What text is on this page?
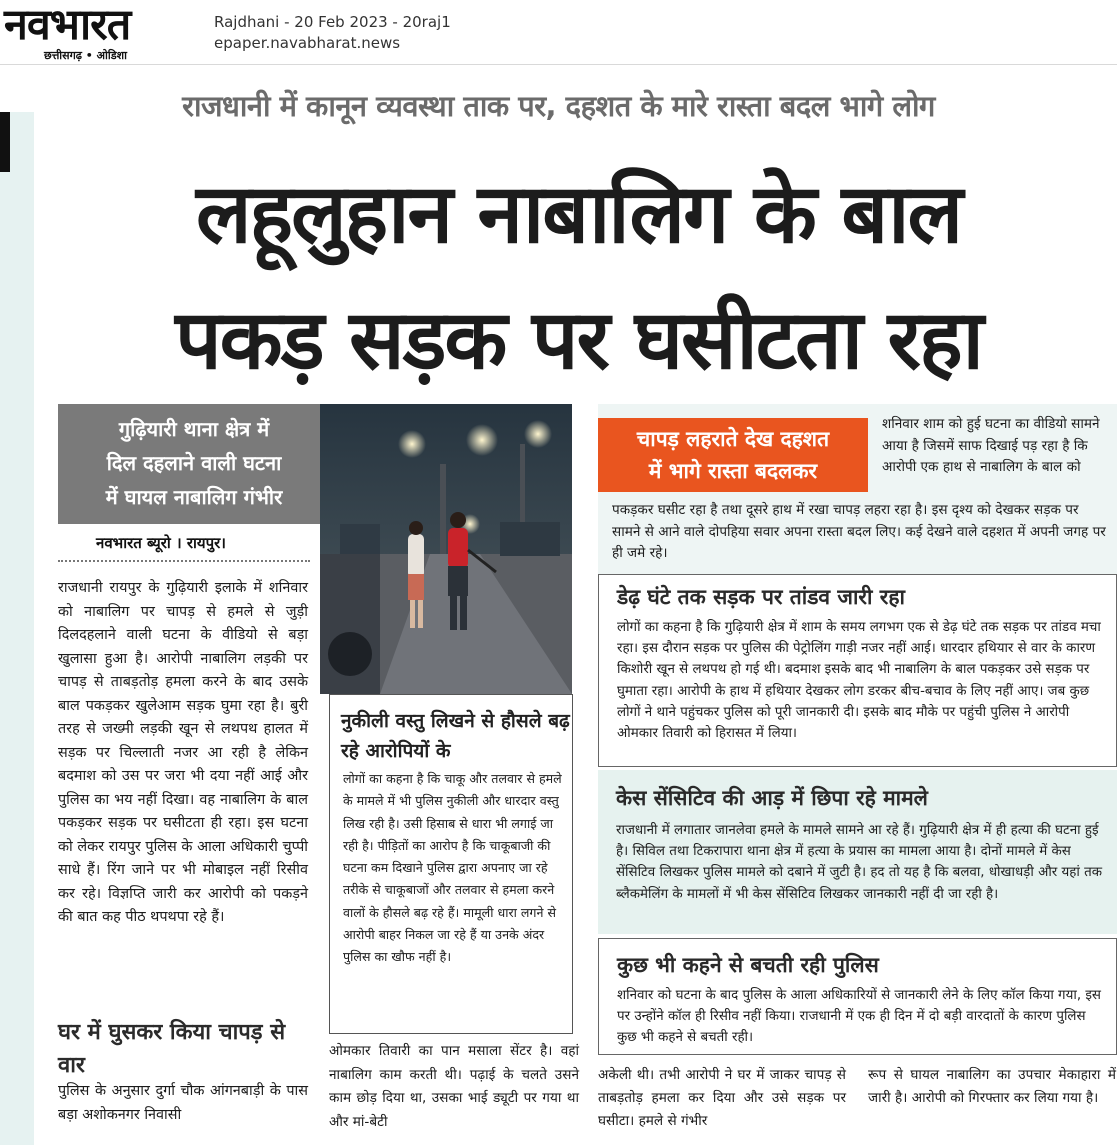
नवभारत
छत्तीसगढ़ • ओडिशा
Rajdhani - 20 Feb 2023 - 20raj1
epaper.navabharat.news
राजधानी में कानून व्यवस्था ताक पर, दहशत के मारे रास्ता बदल भागे लोग
लहूलुहान नाबालिग के बाल
पकड़ सड़क पर घसीटता रहा
गुढ़ियारी थाना क्षेत्र में
दिल दहलाने वाली घटना
में घायल नाबालिग गंभीर
नवभारत ब्यूरो । रायपुर।
राजधानी रायपुर के गुढ़ियारी इलाके में शनिवार को नाबालिग पर चापड़ से हमले से जुड़ी दिलदहलाने वाली घटना के वीडियो से बड़ा खुलासा हुआ है। आरोपी नाबालिग लड़की पर चापड़ से ताबड़तोड़ हमला करने के बाद उसके बाल पकड़कर खुलेआम सड़क घुमा रहा है। बुरी तरह से जख्मी लड़की खून से लथपथ हालत में सड़क पर चिल्लाती नजर आ रही है लेकिन बदमाश को उस पर जरा भी दया नहीं आई और पुलिस का भय नहीं दिखा। वह नाबालिग के बाल पकड़कर सड़क पर घसीटता ही रहा। इस घटना को लेकर रायपुर पुलिस के आला अधिकारी चुप्पी साधे हैं। रिंग जाने पर भी मोबाइल नहीं रिसीव कर रहे। विज्ञप्ति जारी कर आरोपी को पकड़ने की बात कह पीठ थपथपा रहे हैं।
घर में घुसकर किया चापड़ से वार
पुलिस के अनुसार दुर्गा चौक आंगनबाड़ी के पास बड़ा अशोकनगर निवासी
नुकीली वस्तु लिखने से हौसले बढ़ रहे आरोपियों के
लोगों का कहना है कि चाकू और तलवार से हमले के मामले में भी पुलिस नुकीली और धारदार वस्तु लिख रही है। उसी हिसाब से धारा भी लगाई जा रही है। पीड़ितों का आरोप है कि चाकूबाजी की घटना कम दिखाने पुलिस द्वारा अपनाए जा रहे तरीके से चाकूबाजों और तलवार से हमला करने वालों के हौसले बढ़ रहे हैं। मामूली धारा लगने से आरोपी बाहर निकल जा रहे हैं या उनके अंदर पुलिस का खौफ नहीं है।
ओमकार तिवारी का पान मसाला सेंटर है। वहां नाबालिग काम करती थी। पढ़ाई के चलते उसने काम छोड़ दिया था, उसका भाई ड्यूटी पर गया था और मां-बेटी
चापड़ लहराते देख दहशत
में भागे रास्ता बदलकर
शनिवार शाम को हुई घटना का वीडियो सामने आया है जिसमें साफ दिखाई पड़ रहा है कि आरोपी एक हाथ से नाबालिग के बाल को
पकड़कर घसीट रहा है तथा दूसरे हाथ में रखा चापड़ लहरा रहा है। इस दृश्य को देखकर सड़क पर सामने से आने वाले दोपहिया सवार अपना रास्ता बदल लिए। कई देखने वाले दहशत में अपनी जगह पर ही जमे रहे।
डेढ़ घंटे तक सड़क पर तांडव जारी रहा
लोगों का कहना है कि गुढ़ियारी क्षेत्र में शाम के समय लगभग एक से डेढ़ घंटे तक सड़क पर तांडव मचा रहा। इस दौरान सड़क पर पुलिस की पेट्रोलिंग गाड़ी नजर नहीं आई। धारदार हथियार से वार के कारण किशोरी खून से लथपथ हो गई थी। बदमाश इसके बाद भी नाबालिग के बाल पकड़कर उसे सड़क पर घुमाता रहा। आरोपी के हाथ में हथियार देखकर लोग डरकर बीच-बचाव के लिए नहीं आए। जब कुछ लोगों ने थाने पहुंचकर पुलिस को पूरी जानकारी दी। इसके बाद मौके पर पहुंची पुलिस ने आरोपी ओमकार तिवारी को हिरासत में लिया।
केस सेंसिटिव की आड़ में छिपा रहे मामले
राजधानी में लगातार जानलेवा हमले के मामले सामने आ रहे हैं। गुढ़ियारी क्षेत्र में ही हत्या की घटना हुई है। सिविल तथा टिकरापारा थाना क्षेत्र में हत्या के प्रयास का मामला आया है। दोनों मामले में केस सेंसिटिव लिखकर पुलिस मामले को दबाने में जुटी है। हद तो यह है कि बलवा, धोखाधड़ी और यहां तक ब्लैकमेलिंग के मामलों में भी केस सेंसिटिव लिखकर जानकारी नहीं दी जा रही है।
कुछ भी कहने से बचती रही पुलिस
शनिवार को घटना के बाद पुलिस के आला अधिकारियों से जानकारी लेने के लिए कॉल किया गया, इस पर उन्होंने कॉल ही रिसीव नहीं किया। राजधानी में एक ही दिन में दो बड़ी वारदातों के कारण पुलिस कुछ भी कहने से बचती रही।
अकेली थी। तभी आरोपी ने घर में जाकर चापड़ से ताबड़तोड़ हमला कर दिया और उसे सड़क पर घसीटा। हमले से गंभीर
रूप से घायल नाबालिग का उपचार मेकाहारा में जारी है। आरोपी को गिरफ्तार कर लिया गया है।
